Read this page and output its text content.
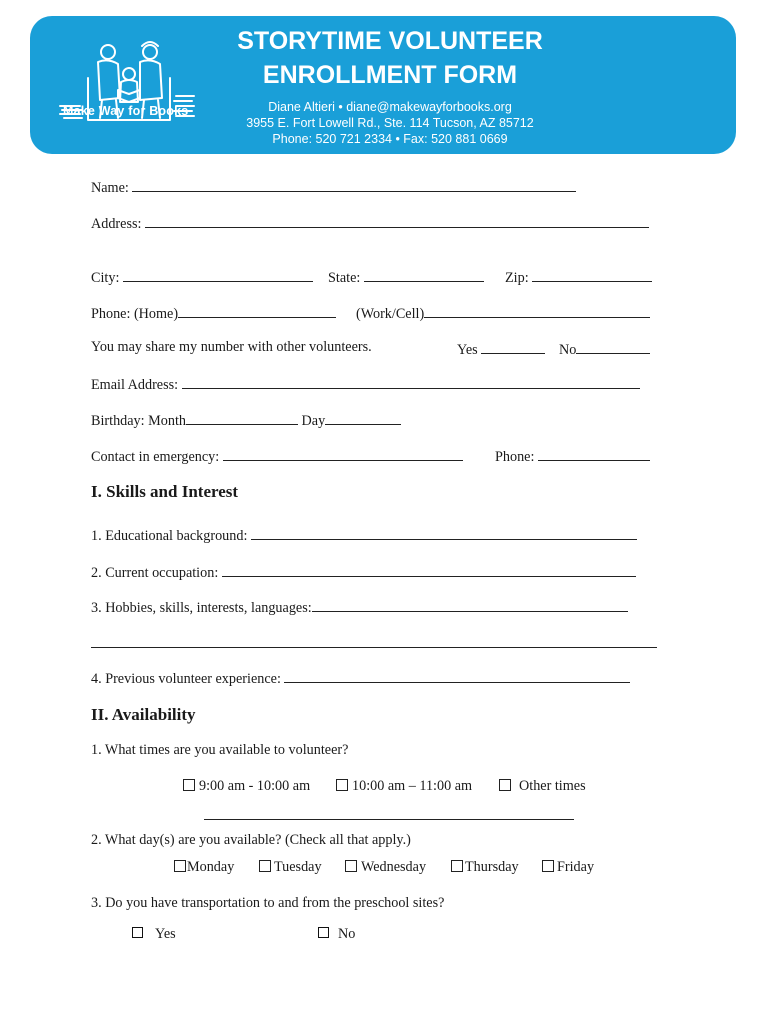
Make Way for Books
STORYTIME VOLUNTEER
ENROLLMENT FORM
Diane Altieri • diane@makewayforbooks.org
3955 E. Fort Lowell Rd., Ste. 114 Tucson, AZ 85712
Phone: 520 721 2334 • Fax: 520 881 0669
Name:
Address:
City:	State:	Zip:
Phone: (Home)	(Work/Cell)
You may share my number with other volunteers.	Yes	No
Email Address:
Birthday: Month	Day
Contact in emergency:	Phone:
I. Skills and Interest
1. Educational background:
2. Current occupation:
3. Hobbies, skills, interests, languages:
4. Previous volunteer experience:
II. Availability
1. What times are you available to volunteer?
9:00 am - 10:00 am	10:00 am – 11:00 am	Other times
2. What day(s) are you available? (Check all that apply.)
Monday	Tuesday	Wednesday	Thursday	Friday
3. Do you have transportation to and from the preschool sites?
Yes	No
